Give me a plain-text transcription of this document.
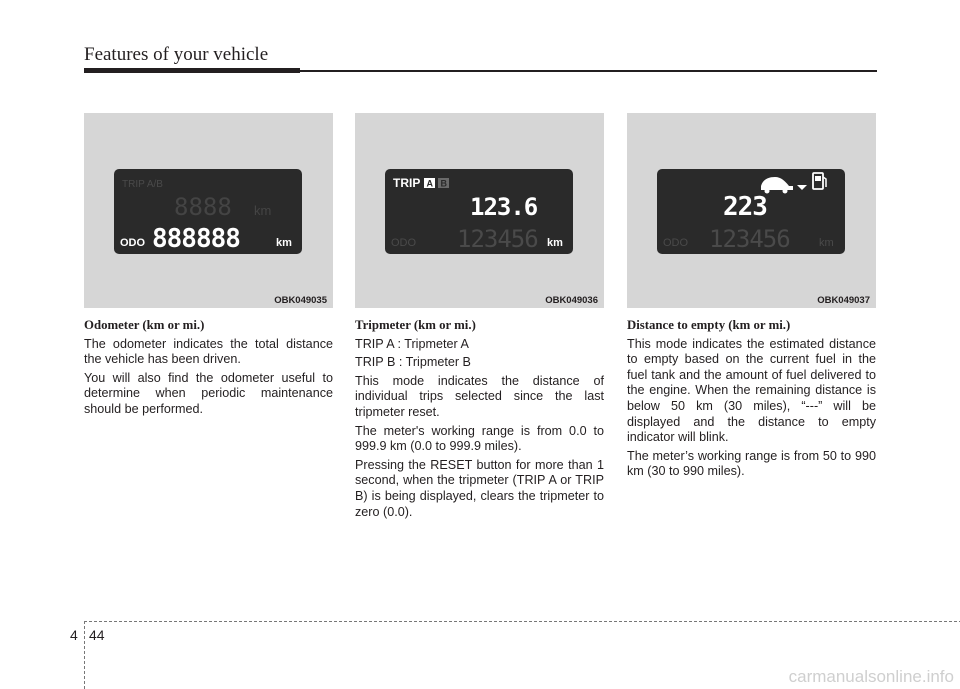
Features of your vehicle
TRIP A/B
8888 km
ODO 888888	km
OBK049035
TRIP A B
123.6
ODO 123456 km
OBK049036
223
ODO 123456	km
OBK049037
Odometer (km or mi.)

The odometer indicates the total distance the vehicle has been driven.

You will also find the odometer useful to determine when periodic maintenance should be performed.

Tripmeter (km or mi.)

TRIP A : Tripmeter A

TRIP B : Tripmeter B

This mode indicates the distance of individual trips selected since the last tripmeter reset.

The meter's working range is from 0.0 to 999.9 km (0.0 to 999.9 miles).

Pressing the RESET button for more than 1 second, when the tripmeter (TRIP A or TRIP B) is being displayed, clears the tripmeter to zero (0.0).

Distance to empty (km or mi.)

This mode indicates the estimated distance to empty based on the current fuel in the fuel tank and the amount of fuel delivered to the engine. When the remaining distance is below 50 km (30 miles), “---” will be displayed and the distance to empty indicator will blink.

The meter’s working range is from 50 to 990 km (30 to 990 miles).

4 44
carmanualsonline.info
